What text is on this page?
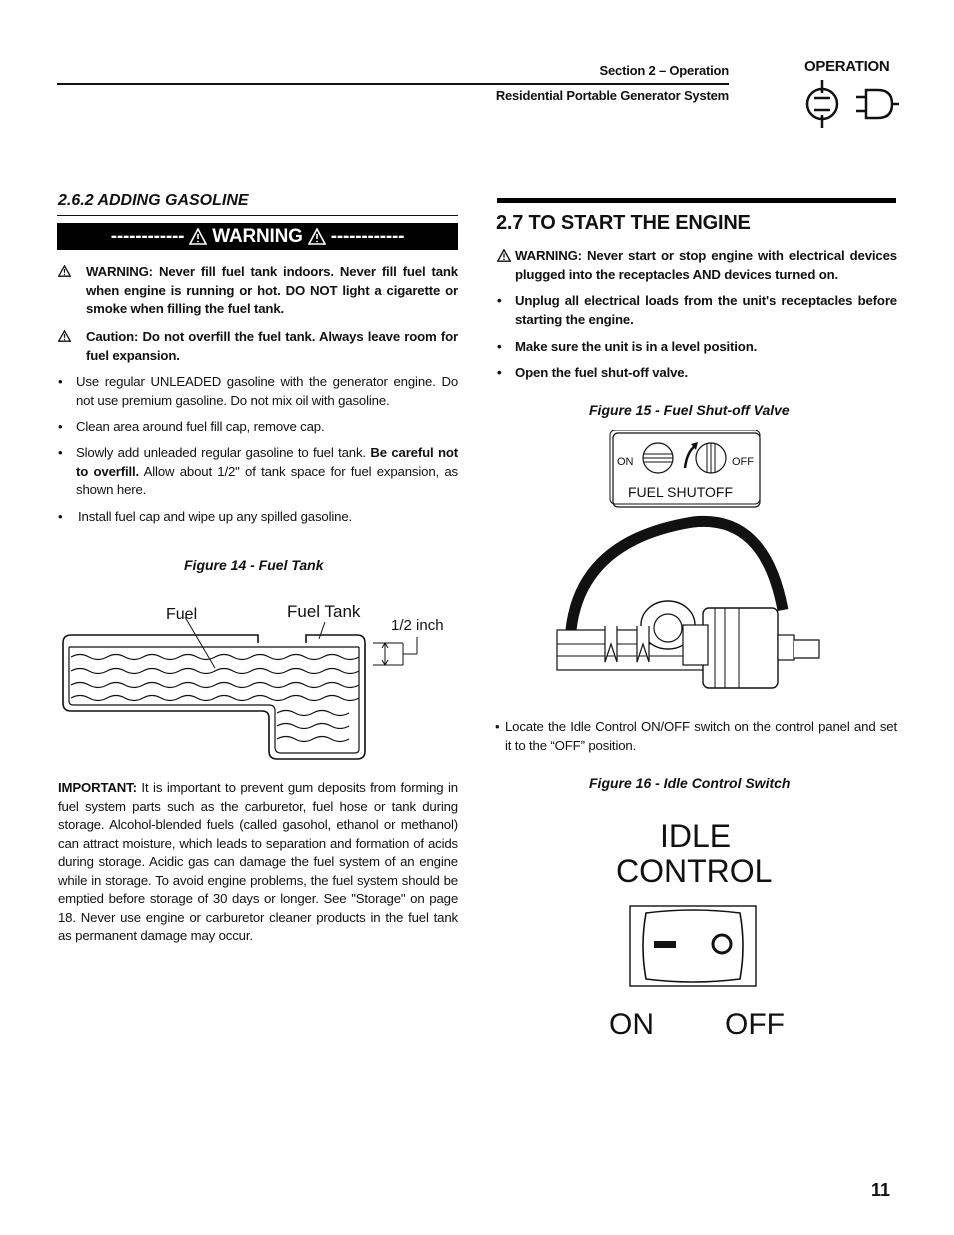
Section 2 – Operation
Residential Portable Generator System
OPERATION
2.6.2 ADDING GASOLINE
------------ WARNING ------------
WARNING: Never fill fuel tank indoors. Never fill fuel tank when engine is running or hot. DO NOT light a cigarette or smoke when filling the fuel tank.
Caution: Do not overfill the fuel tank. Always leave room for fuel expansion.
• Use regular UNLEADED gasoline with the generator engine. Do not use premium gasoline. Do not mix oil with gasoline.
• Clean area around fuel fill cap, remove cap.
• Slowly add unleaded regular gasoline to fuel tank. Be careful not to overfill. Allow about 1/2" of tank space for fuel expansion, as shown here.
• Install fuel cap and wipe up any spilled gasoline.
Figure 14 - Fuel Tank
Fuel	Fuel Tank
1/2 inch
IMPORTANT: It is important to prevent gum deposits from forming in fuel system parts such as the carburetor, fuel hose or tank during storage. Alcohol-blended fuels (called gasohol, ethanol or methanol) can attract moisture, which leads to separation and formation of acids during storage. Acidic gas can damage the fuel system of an engine while in storage. To avoid engine problems, the fuel system should be emptied before storage of 30 days or longer. See "Storage" on page 18. Never use engine or carburetor cleaner products in the fuel tank as permanent damage may occur.
2.7 TO START THE ENGINE
WARNING: Never start or stop engine with electrical devices plugged into the receptacles AND devices turned on.
• Unplug all electrical loads from the unit's receptacles before starting the engine.
• Make sure the unit is in a level position.
• Open the fuel shut-off valve.
Figure 15 - Fuel Shut-off Valve
ON	OFF
FUEL SHUTOFF
• Locate the Idle Control ON/OFF switch on the control panel and set it to the “OFF” position.
Figure 16 - Idle Control Switch
IDLE
CONTROL
ON OFF
11
